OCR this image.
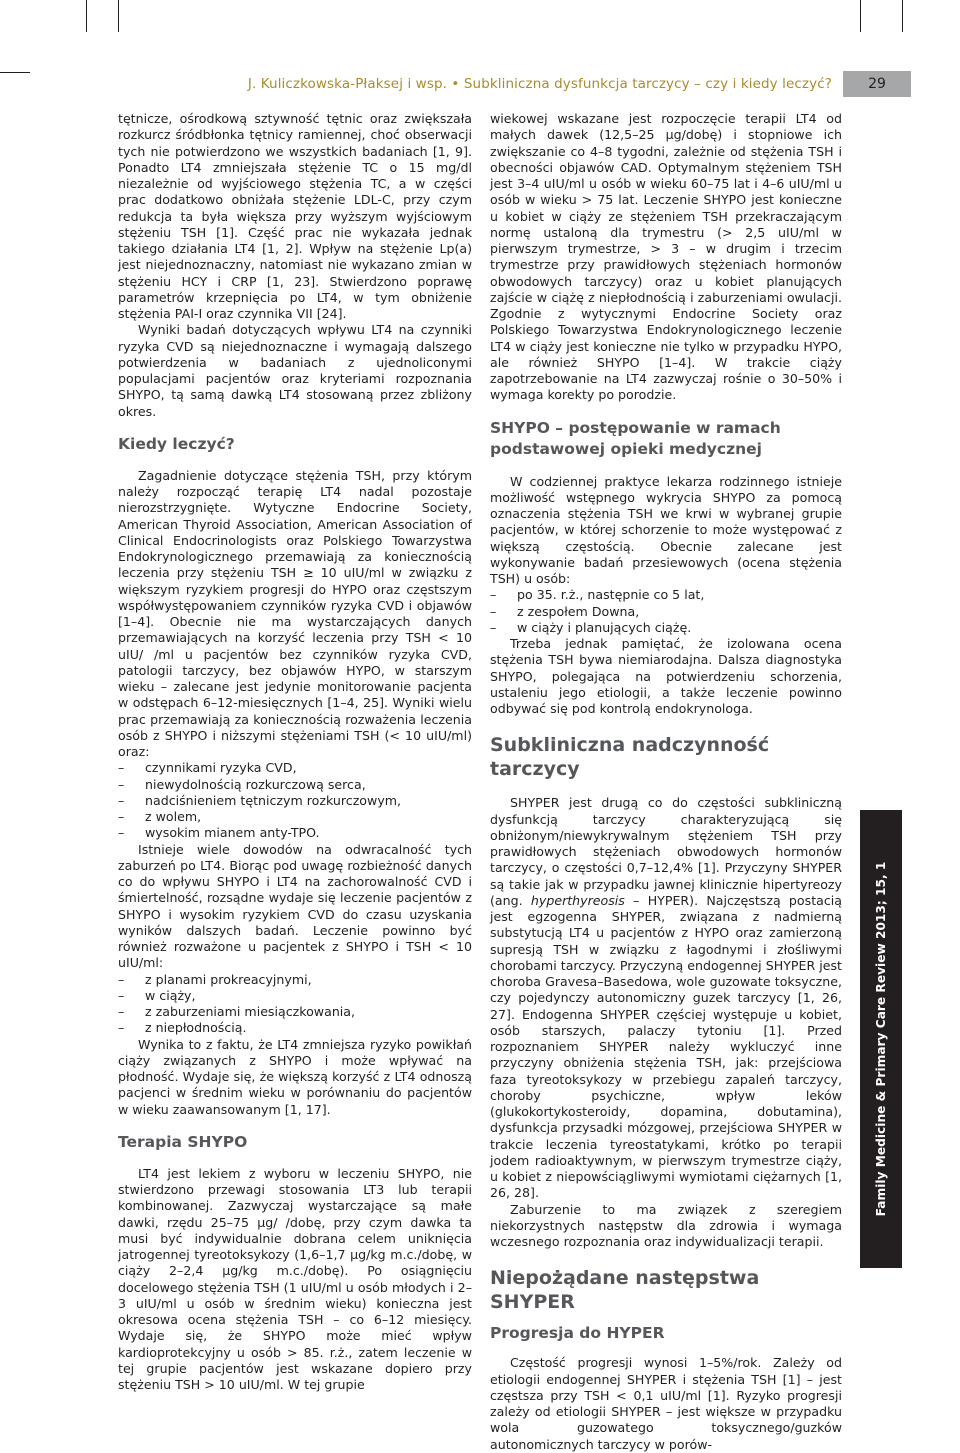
J. Kuliczkowska-Płaksej i wsp. • Subkliniczna dysfunkcja tarczycy – czy i kiedy leczyć?	29

tętnicze, ośrodkową sztywność tętnic oraz zwiększała rozkurcz śródbłonka tętnicy ramiennej, choć obserwacji tych nie potwierdzono we wszystkich badaniach [1, 9]. Ponadto LT4 zmniejszała stężenie TC o 15 mg/dl niezależnie od wyjściowego stężenia TC, a w części prac dodatkowo obniżała stężenie LDL-C, przy czym redukcja ta była większa przy wyższym wyjściowym stężeniu TSH [1]. Część prac nie wykazała jednak takiego działania LT4 [1, 2]. Wpływ na stężenie Lp(a) jest niejednoznaczny, natomiast nie wykazano zmian w stężeniu HCY i CRP [1, 23]. Stwierdzono poprawę parametrów krzepnięcia po LT4, w tym obniżenie stężenia PAI-I oraz czynnika VII [24].

Wyniki badań dotyczących wpływu LT4 na czynniki ryzyka CVD są niejednoznaczne i wymagają dalszego potwierdzenia w badaniach z ujednoliconymi populacjami pacjentów oraz kryteriami rozpoznania SHYPO, tą samą dawką LT4 stosowaną przez zbliżony okres.

Kiedy leczyć?

Zagadnienie dotyczące stężenia TSH, przy którym należy rozpocząć terapię LT4 nadal pozostaje nierozstrzygnięte. Wytyczne Endocrine Society, American Thyroid Association, American Association of Clinical Endocrinologists oraz Polskiego Towarzystwa Endokrynologicznego przemawiają za koniecznością leczenia przy stężeniu TSH ≥ 10 uIU/ml w związku z większym ryzykiem progresji do HYPO oraz częstszym współwystępowaniem czynników ryzyka CVD i objawów [1–4]. Obecnie nie ma wystarczających danych przemawiających na korzyść leczenia przy TSH < 10 uIU/ /ml u pacjentów bez czynników ryzyka CVD, patologii tarczycy, bez objawów HYPO, w starszym wieku – zalecane jest jedynie monitorowanie pacjenta w odstępach 6–12-miesięcznych [1–4, 25]. Wyniki wielu prac przemawiają za koniecznością rozważenia leczenia osób z SHYPO i niższymi stężeniami TSH (< 10 uIU/ml) oraz:

– czynnikami ryzyka CVD,

– niewydolnością rozkurczową serca,

– nadciśnieniem tętniczym rozkurczowym,

– z wolem,

– wysokim mianem anty-TPO.

Istnieje wiele dowodów na odwracalność tych zaburzeń po LT4. Biorąc pod uwagę rozbieżność danych co do wpływu SHYPO i LT4 na zachorowalność CVD i śmiertelność, rozsądne wydaje się leczenie pacjentów z SHYPO i wysokim ryzykiem CVD do czasu uzyskania wyników dalszych badań. Leczenie powinno być również rozważone u pacjentek z SHYPO i TSH < 10 uIU/ml:

– z planami prokreacyjnymi,

– w ciąży,

– z zaburzeniami miesiączkowania,

– z niepłodnością.

Wynika to z faktu, że LT4 zmniejsza ryzyko powikłań ciąży związanych z SHYPO i może wpływać na płodność. Wydaje się, że większą korzyść z LT4 odnoszą pacjenci w średnim wieku w porównaniu do pacjentów w wieku zaawansowanym [1, 17].

Terapia SHYPO

LT4 jest lekiem z wyboru w leczeniu SHYPO, nie stwierdzono przewagi stosowania LT3 lub terapii kombinowanej. Zazwyczaj wystarczające są małe dawki, rzędu 25–75 µg/ /dobę, przy czym dawka ta musi być indywidualnie dobrana celem uniknięcia jatrogennej tyreotoksykozy (1,6–1,7 µg/kg m.c./dobę, w ciąży 2–2,4 µg/kg m.c./dobę). Po osiągnięciu docelowego stężenia TSH (1 uIU/ml u osób młodych i 2–3 uIU/ml u osób w średnim wieku) konieczna jest okresowa ocena stężenia TSH – co 6–12 miesięcy. Wydaje się, że SHYPO może mieć wpływ kardioprotekcyjny u osób > 85. r.ż., zatem leczenie w tej grupie pacjentów jest wskazane dopiero przy stężeniu TSH > 10 uIU/ml. W tej grupie

wiekowej wskazane jest rozpoczęcie terapii LT4 od małych dawek (12,5–25 µg/dobę) i stopniowe ich zwiększanie co 4–8 tygodni, zależnie od stężenia TSH i obecności objawów CAD. Optymalnym stężeniem TSH jest 3–4 uIU/ml u osób w wieku 60–75 lat i 4–6 uIU/ml u osób w wieku > 75 lat. Leczenie SHYPO jest konieczne u kobiet w ciąży ze stężeniem TSH przekraczającym normę ustaloną dla trymestru (> 2,5 uIU/ml w pierwszym trymestrze, > 3 – w drugim i trzecim trymestrze przy prawidłowych stężeniach hormonów obwodowych tarczycy) oraz u kobiet planujących zajście w ciążę z niepłodnością i zaburzeniami owulacji. Zgodnie z wytycznymi Endocrine Society oraz Polskiego Towarzystwa Endokrynologicznego leczenie LT4 w ciąży jest konieczne nie tylko w przypadku HYPO, ale również SHYPO [1–4]. W trakcie ciąży zapotrzebowanie na LT4 zazwyczaj rośnie o 30–50% i wymaga korekty po porodzie.

SHYPO – postępowanie w ramach podstawowej opieki medycznej

W codziennej praktyce lekarza rodzinnego istnieje możliwość wstępnego wykrycia SHYPO za pomocą oznaczenia stężenia TSH we krwi w wybranej grupie pacjentów, w której schorzenie to może występować z większą częstością. Obecnie zalecane jest wykonywanie badań przesiewowych (ocena stężenia TSH) u osób:

– po 35. r.ż., następnie co 5 lat,

– z zespołem Downa,

– w ciąży i planujących ciążę.

Trzeba jednak pamiętać, że izolowana ocena stężenia TSH bywa niemiarodajna. Dalsza diagnostyka SHYPO, polegająca na potwierdzeniu schorzenia, ustaleniu jego etiologii, a także leczenie powinno odbywać się pod kontrolą endokrynologa.

Subkliniczna nadczynność tarczycy

SHYPER jest drugą co do częstości subkliniczną dysfunkcją tarczycy charakteryzującą się obniżonym/niewykrywalnym stężeniem TSH przy prawidłowych stężeniach obwodowych hormonów tarczycy, o częstości 0,7–12,4% [1]. Przyczyny SHYPER są takie jak w przypadku jawnej klinicznie hipertyreozy (ang. hyperthyreosis – HYPER). Najczęstszą postacią jest egzogenna SHYPER, związana z nadmierną substytucją LT4 u pacjentów z HYPO oraz zamierzoną supresją TSH w związku z łagodnymi i złośliwymi chorobami tarczycy. Przyczyną endogennej SHYPER jest choroba Gravesa–Basedowa, wole guzowate toksyczne, czy pojedynczy autonomiczny guzek tarczycy [1, 26, 27]. Endogenna SHYPER częściej występuje u kobiet, osób starszych, palaczy tytoniu [1]. Przed rozpoznaniem SHYPER należy wykluczyć inne przyczyny obniżenia stężenia TSH, jak: przejściowa faza tyreotoksykozy w przebiegu zapaleń tarczycy, choroby psychiczne, wpływ leków (glukokortykosteroidy, dopamina, dobutamina), dysfunkcja przysadki mózgowej, przejściowa SHYPER w trakcie leczenia tyreostatykami, krótko po terapii jodem radioaktywnym, w pierwszym trymestrze ciąży, u kobiet z niepowściągliwymi wymiotami ciężarnych [1, 26, 28].

Zaburzenie to ma związek z szeregiem niekorzystnych następstw dla zdrowia i wymaga wczesnego rozpoznania oraz indywidualizacji terapii.

Niepożądane następstwa SHYPER

Progresja do HYPER

Częstość progresji wynosi 1–5%/rok. Zależy od etiologii endogennej SHYPER i stężenia TSH [1] – jest częstsza przy TSH < 0,1 uIU/ml [1]. Ryzyko progresji zależy od etiologii SHYPER – jest większe w przypadku wola guzowatego toksycznego/guzków autonomicznych tarczycy w porów-

Family Medicine & Primary Care Review 2013; 15, 1
